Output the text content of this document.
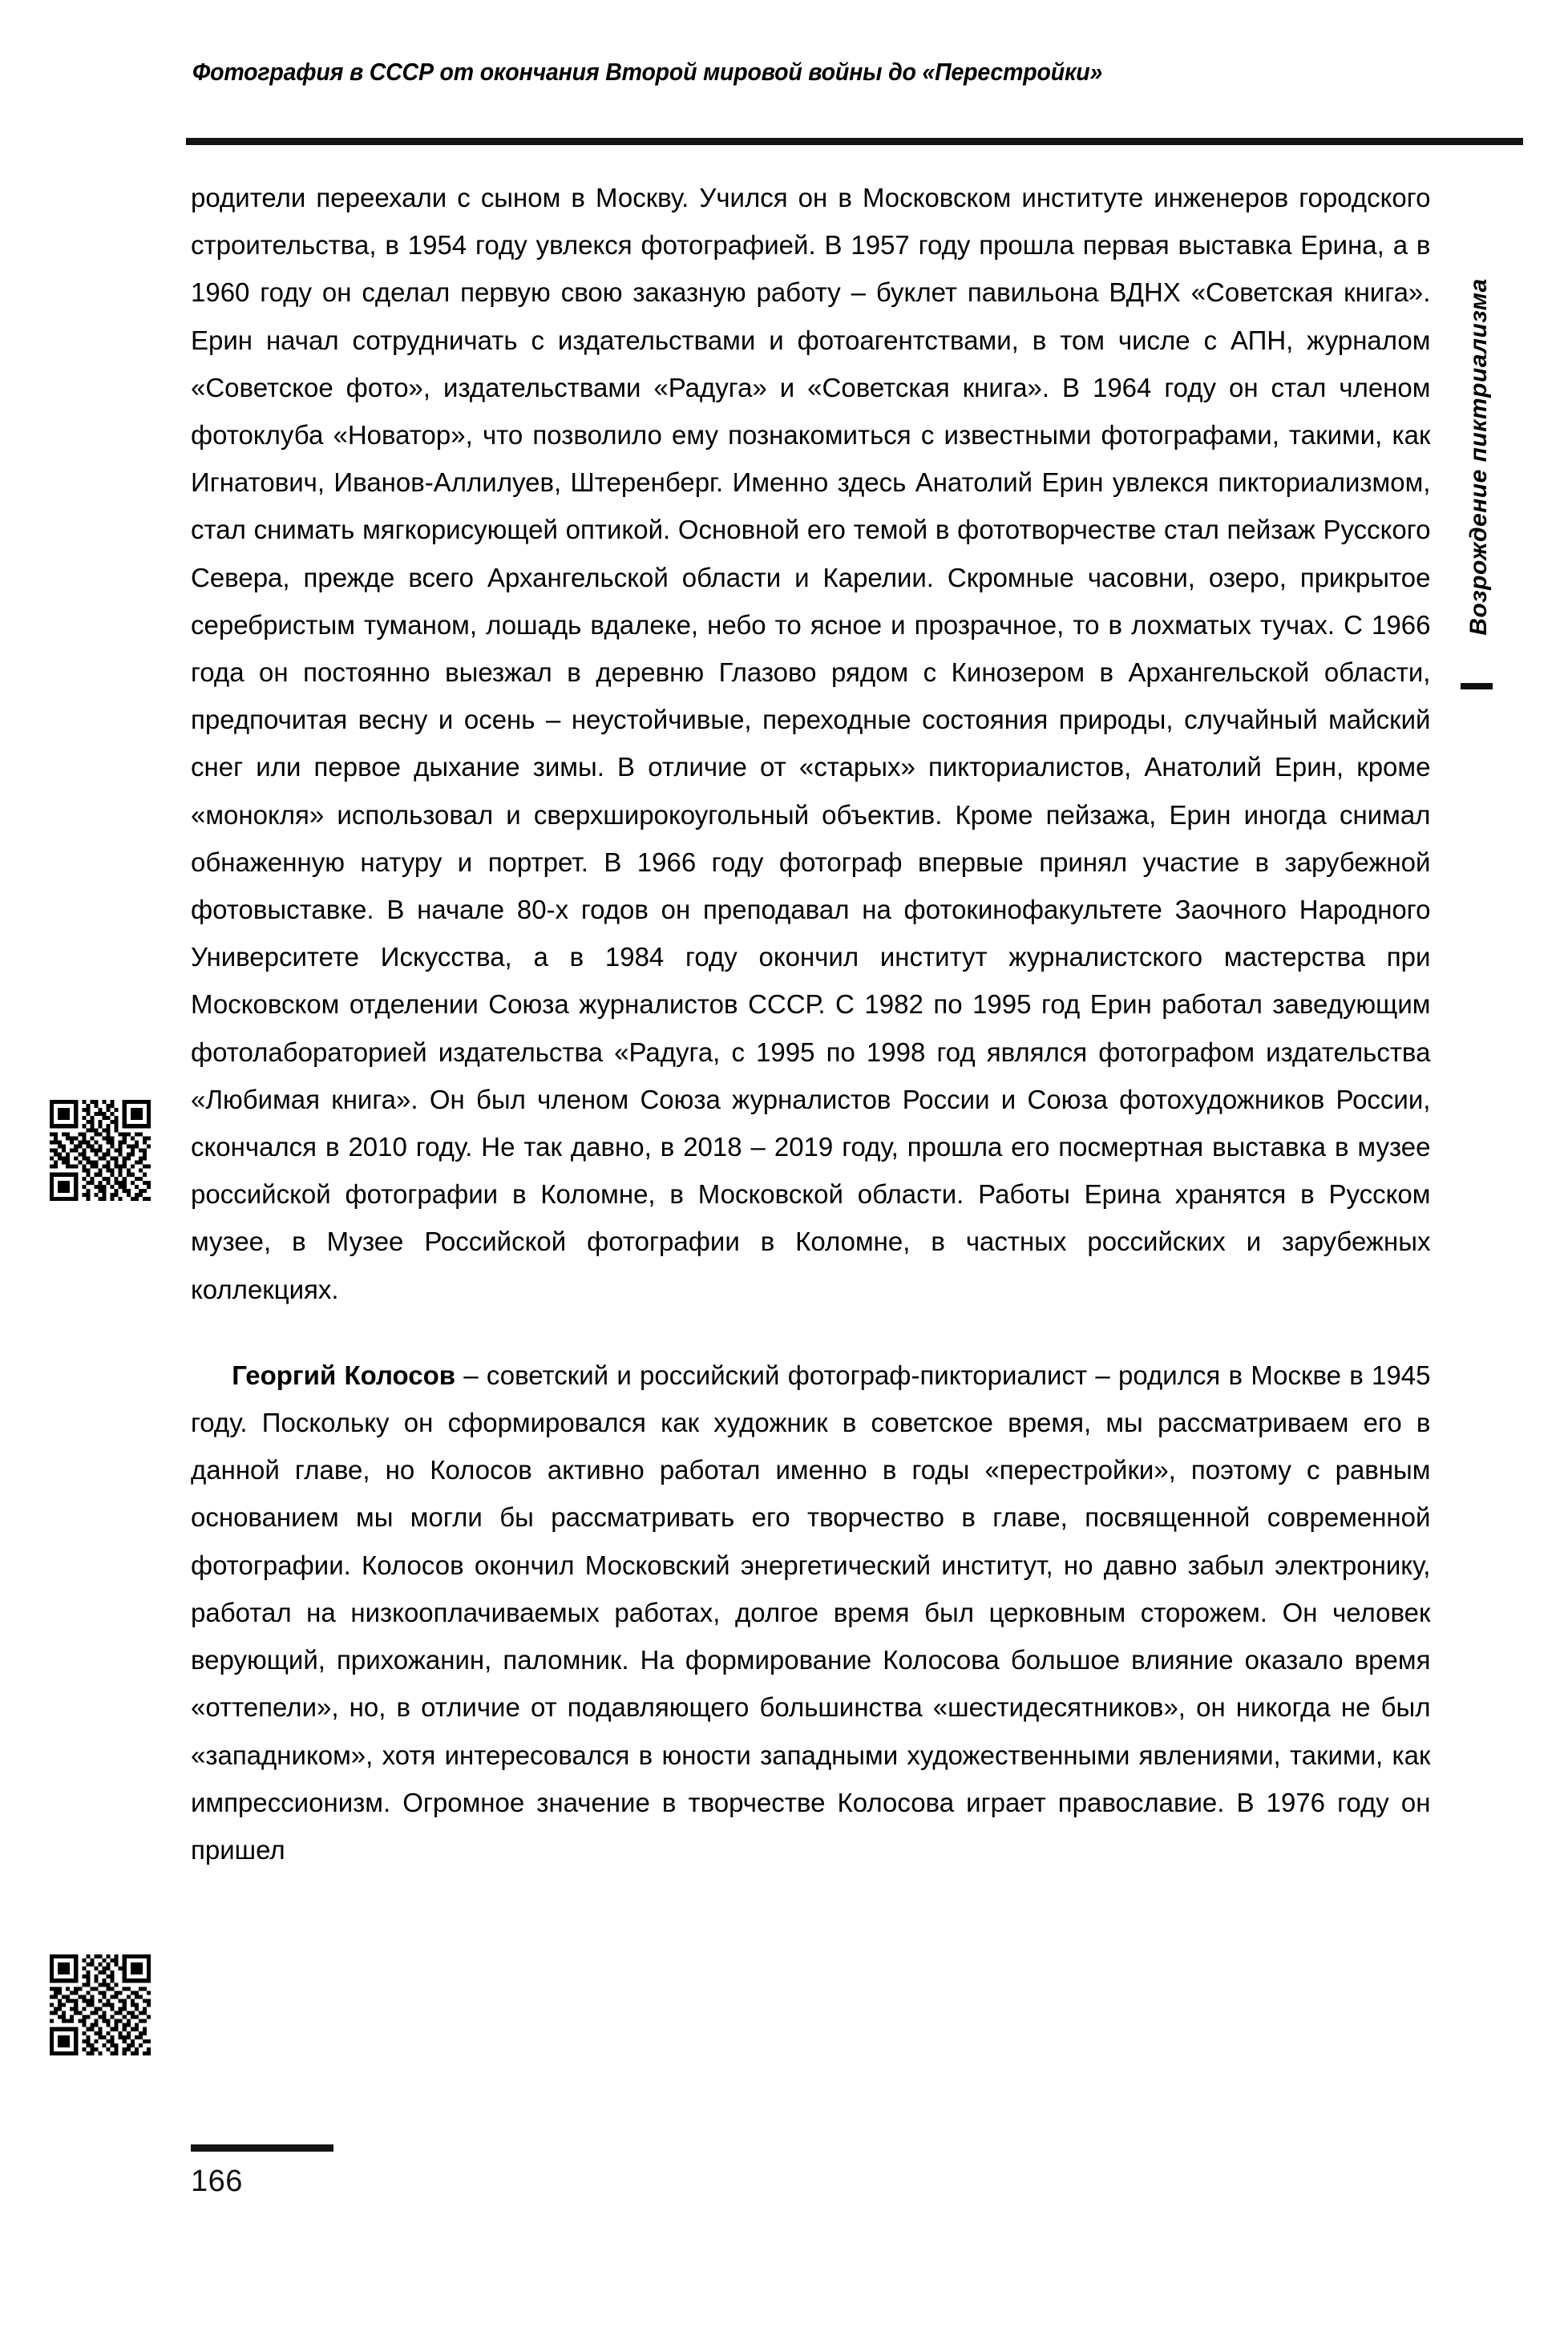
Фотография в СССР от окончания Второй мировой войны до «Перестройки»
Возрождение пиктриализма

родители переехали с сыном в Москву. Учился он в Московском институте инженеров городского строительства, в 1954 году увлекся фотографией. В 1957 году прошла первая выставка Ерина, а в 1960 году он сделал первую свою заказную работу – буклет павильона ВДНХ «Советская книга». Ерин начал сотрудничать с издательствами и фотоагентствами, в том числе с АПН, журналом «Советское фото», издательствами «Радуга» и «Советская книга». В 1964 году он стал членом фотоклуба «Новатор», что позволило ему познакомиться с известными фотографами, такими, как Игнатович, Иванов-Аллилуев, Штеренберг. Именно здесь Анатолий Ерин увлекся пикториализмом, стал снимать мягкорисующей оптикой. Основной его темой в фототворчестве стал пейзаж Русского Севера, прежде всего Архангельской области и Карелии. Скромные часовни, озеро, прикрытое серебристым туманом, лошадь вдалеке, небо то ясное и прозрачное, то в лохматых тучах. С 1966 года он постоянно выезжал в деревню Глазово рядом с Кинозером в Архангельской области, предпочитая весну и осень – неустойчивые, переходные состояния природы, случайный майский снег или первое дыхание зимы. В отличие от «старых» пикториалистов, Анатолий Ерин, кроме «монокля» использовал и сверхширокоугольный объектив. Кроме пейзажа, Ерин иногда снимал обнаженную натуру и портрет. В 1966 году фотограф впервые принял участие в зарубежной фотовыставке. В начале 80-х годов он преподавал на фотокинофакультете Заочного Народного Университете Искусства, а в 1984 году окончил институт журналистского мастерства при Московском отделении Союза журналистов СССР. С 1982 по 1995 год Ерин работал заведующим фотолабораторией издательства «Радуга, с 1995 по 1998 год являлся фотографом издательства «Любимая книга». Он был членом Союза журналистов России и Союза фотохудожников России, скончался в 2010 году. Не так давно, в 2018 – 2019 году, прошла его посмертная выставка в музее российской фотографии в Коломне, в Московской области. Работы Ерина хранятся в Русском музее, в Музее Российской фотографии в Коломне, в частных российских и зарубежных коллекциях.

Георгий Колосов – советский и российский фотограф-пикториалист – родился в Москве в 1945 году. Поскольку он сформировался как художник в советское время, мы рассматриваем его в данной главе, но Колосов активно работал именно в годы «перестройки», поэтому с равным основанием мы могли бы рассматривать его творчество в главе, посвященной современной фотографии. Колосов окончил Московский энергетический институт, но давно забыл электронику, работал на низкооплачиваемых работах, долгое время был церковным сторожем. Он человек верующий, прихожанин, паломник. На формирование Колосова большое влияние оказало время «оттепели», но, в отличие от подавляющего большинства «шестидесятников», он никогда не был «западником», хотя интересовался в юности западными художественными явлениями, такими, как импрессионизм. Огромное значение в творчестве Колосова играет православие. В 1976 году он пришел

166
